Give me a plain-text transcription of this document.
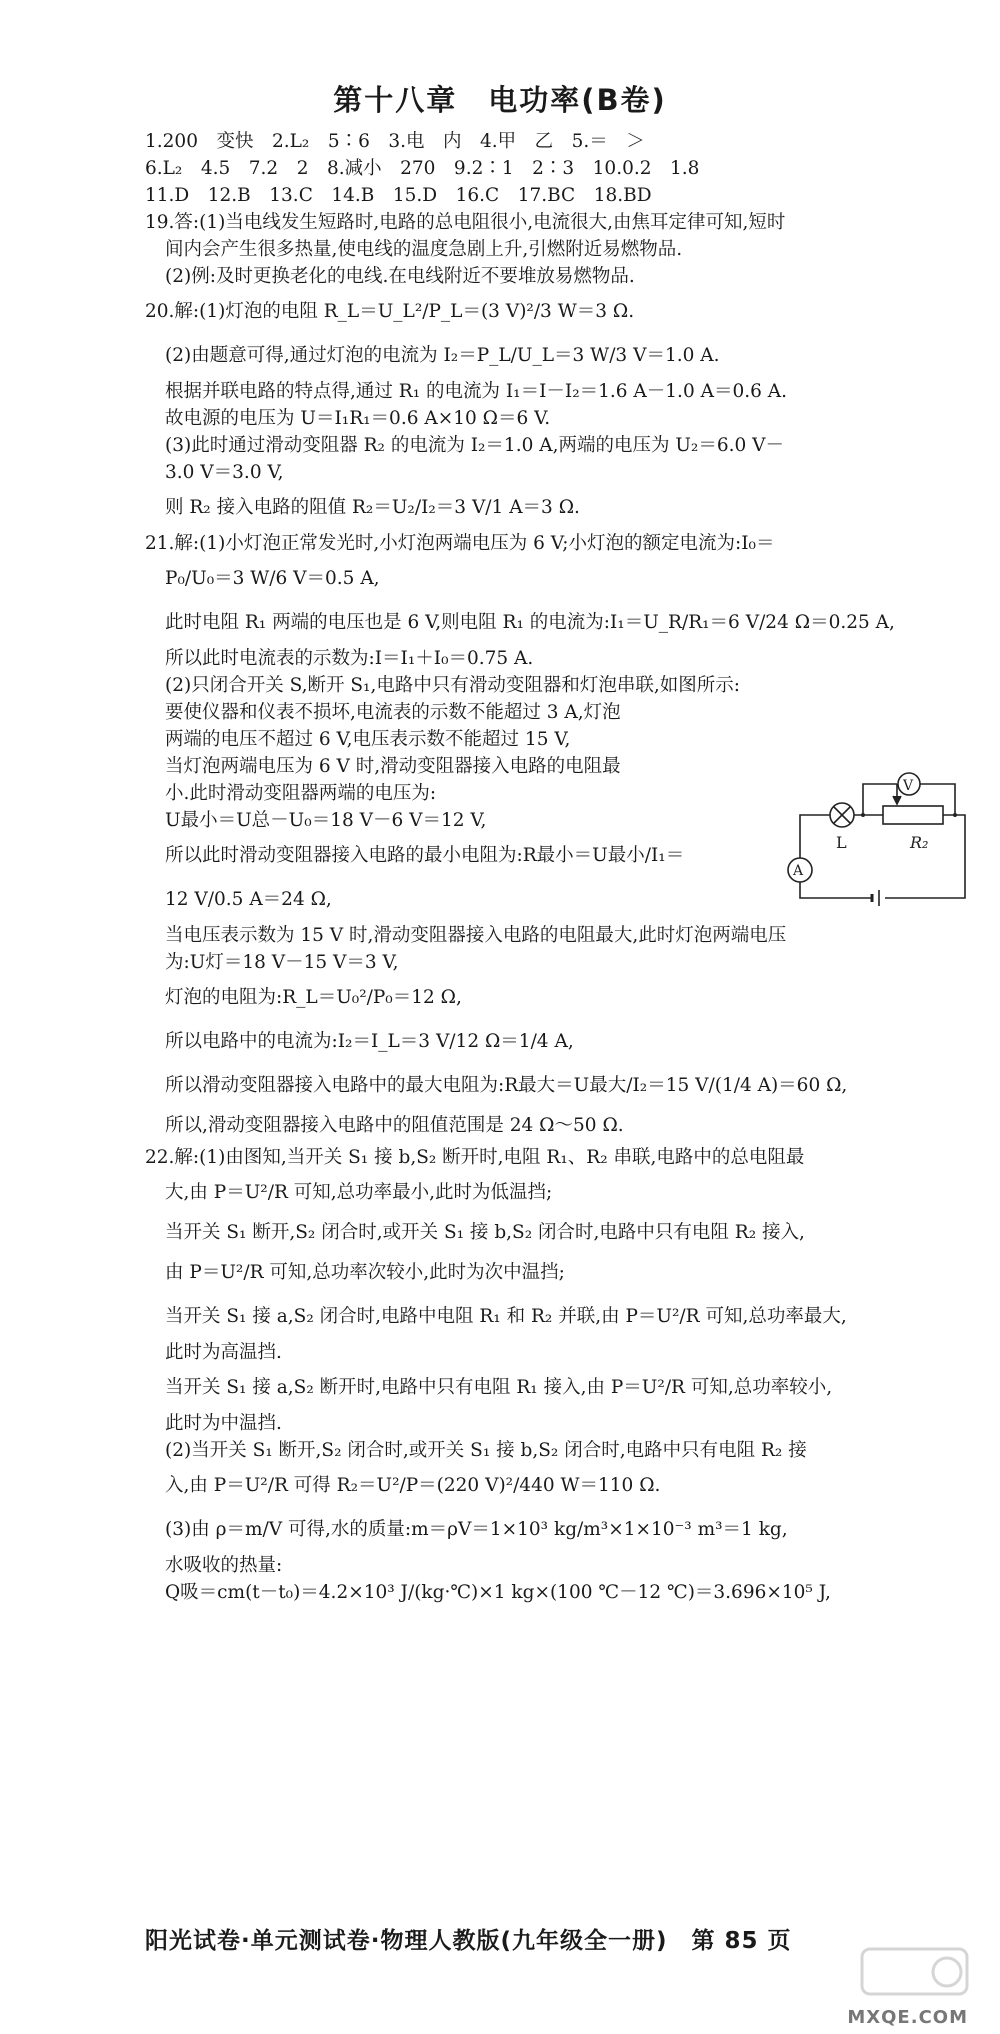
第十八章　电功率(B卷)
1.200　变快　2.L₂　5∶6　3.电　内　4.甲　乙　5.＝　＞
6.L₂　4.5　7.2　2　8.减小　270　9.2∶1　2∶3　10.0.2　1.8
11.D　12.B　13.C　14.B　15.D　16.C　17.BC　18.BD
19.答:(1)当电线发生短路时,电路的总电阻很小,电流很大,由焦耳定律可知,短时
间内会产生很多热量,使电线的温度急剧上升,引燃附近易燃物品.
(2)例:及时更换老化的电线.在电线附近不要堆放易燃物品.
20.解:(1)灯泡的电阻 R_L＝U_L²/P_L＝(3 V)²/3 W＝3 Ω.
(2)由题意可得,通过灯泡的电流为 I₂＝P_L/U_L＝3 W/3 V＝1.0 A.
根据并联电路的特点得,通过 R₁ 的电流为 I₁＝I－I₂＝1.6 A－1.0 A＝0.6 A.
故电源的电压为 U＝I₁R₁＝0.6 A×10 Ω＝6 V.
(3)此时通过滑动变阻器 R₂ 的电流为 I₂＝1.0 A,两端的电压为 U₂＝6.0 V－
3.0 V＝3.0 V,
则 R₂ 接入电路的阻值 R₂＝U₂/I₂＝3 V/1 A＝3 Ω.
21.解:(1)小灯泡正常发光时,小灯泡两端电压为 6 V;小灯泡的额定电流为:I₀＝
P₀/U₀＝3 W/6 V＝0.5 A,
此时电阻 R₁ 两端的电压也是 6 V,则电阻 R₁ 的电流为:I₁＝U_R/R₁＝6 V/24 Ω＝0.25 A,
所以此时电流表的示数为:I＝I₁＋I₀＝0.75 A.
(2)只闭合开关 S,断开 S₁,电路中只有滑动变阻器和灯泡串联,如图所示:
要使仪器和仪表不损坏,电流表的示数不能超过 3 A,灯泡
两端的电压不超过 6 V,电压表示数不能超过 15 V,
当灯泡两端电压为 6 V 时,滑动变阻器接入电路的电阻最
小.此时滑动变阻器两端的电压为:
U最小＝U总－U₀＝18 V－6 V＝12 V,
所以此时滑动变阻器接入电路的最小电阻为:R最小＝U最小/I₁＝
12 V/0.5 A＝24 Ω,
当电压表示数为 15 V 时,滑动变阻器接入电路的电阻最大,此时灯泡两端电压
为:U灯＝18 V－15 V＝3 V,
灯泡的电阻为:R_L＝U₀²/P₀＝12 Ω,
所以电路中的电流为:I₂＝I_L＝3 V/12 Ω＝1/4 A,
所以滑动变阻器接入电路中的最大电阻为:R最大＝U最大/I₂＝15 V/(1/4 A)＝60 Ω,
所以,滑动变阻器接入电路中的阻值范围是 24 Ω～50 Ω.
22.解:(1)由图知,当开关 S₁ 接 b,S₂ 断开时,电阻 R₁、R₂ 串联,电路中的总电阻最
大,由 P＝U²/R 可知,总功率最小,此时为低温挡;
当开关 S₁ 断开,S₂ 闭合时,或开关 S₁ 接 b,S₂ 闭合时,电路中只有电阻 R₂ 接入,
由 P＝U²/R 可知,总功率次较小,此时为次中温挡;
当开关 S₁ 接 a,S₂ 闭合时,电路中电阻 R₁ 和 R₂ 并联,由 P＝U²/R 可知,总功率最大,
此时为高温挡.
当开关 S₁ 接 a,S₂ 断开时,电路中只有电阻 R₁ 接入,由 P＝U²/R 可知,总功率较小,
此时为中温挡.
(2)当开关 S₁ 断开,S₂ 闭合时,或开关 S₁ 接 b,S₂ 闭合时,电路中只有电阻 R₂ 接
入,由 P＝U²/R 可得 R₂＝U²/P＝(220 V)²/440 W＝110 Ω.
(3)由 ρ＝m/V 可得,水的质量:m＝ρV＝1×10³ kg/m³×1×10⁻³ m³＝1 kg,
水吸收的热量:
Q吸＝cm(t－t₀)＝4.2×10³ J/(kg·℃)×1 kg×(100 ℃－12 ℃)＝3.696×10⁵ J,
V
A
L	R₂
阳光试卷·单元测试卷·物理人教版(九年级全一册)　第 85 页
MXQE.COM
